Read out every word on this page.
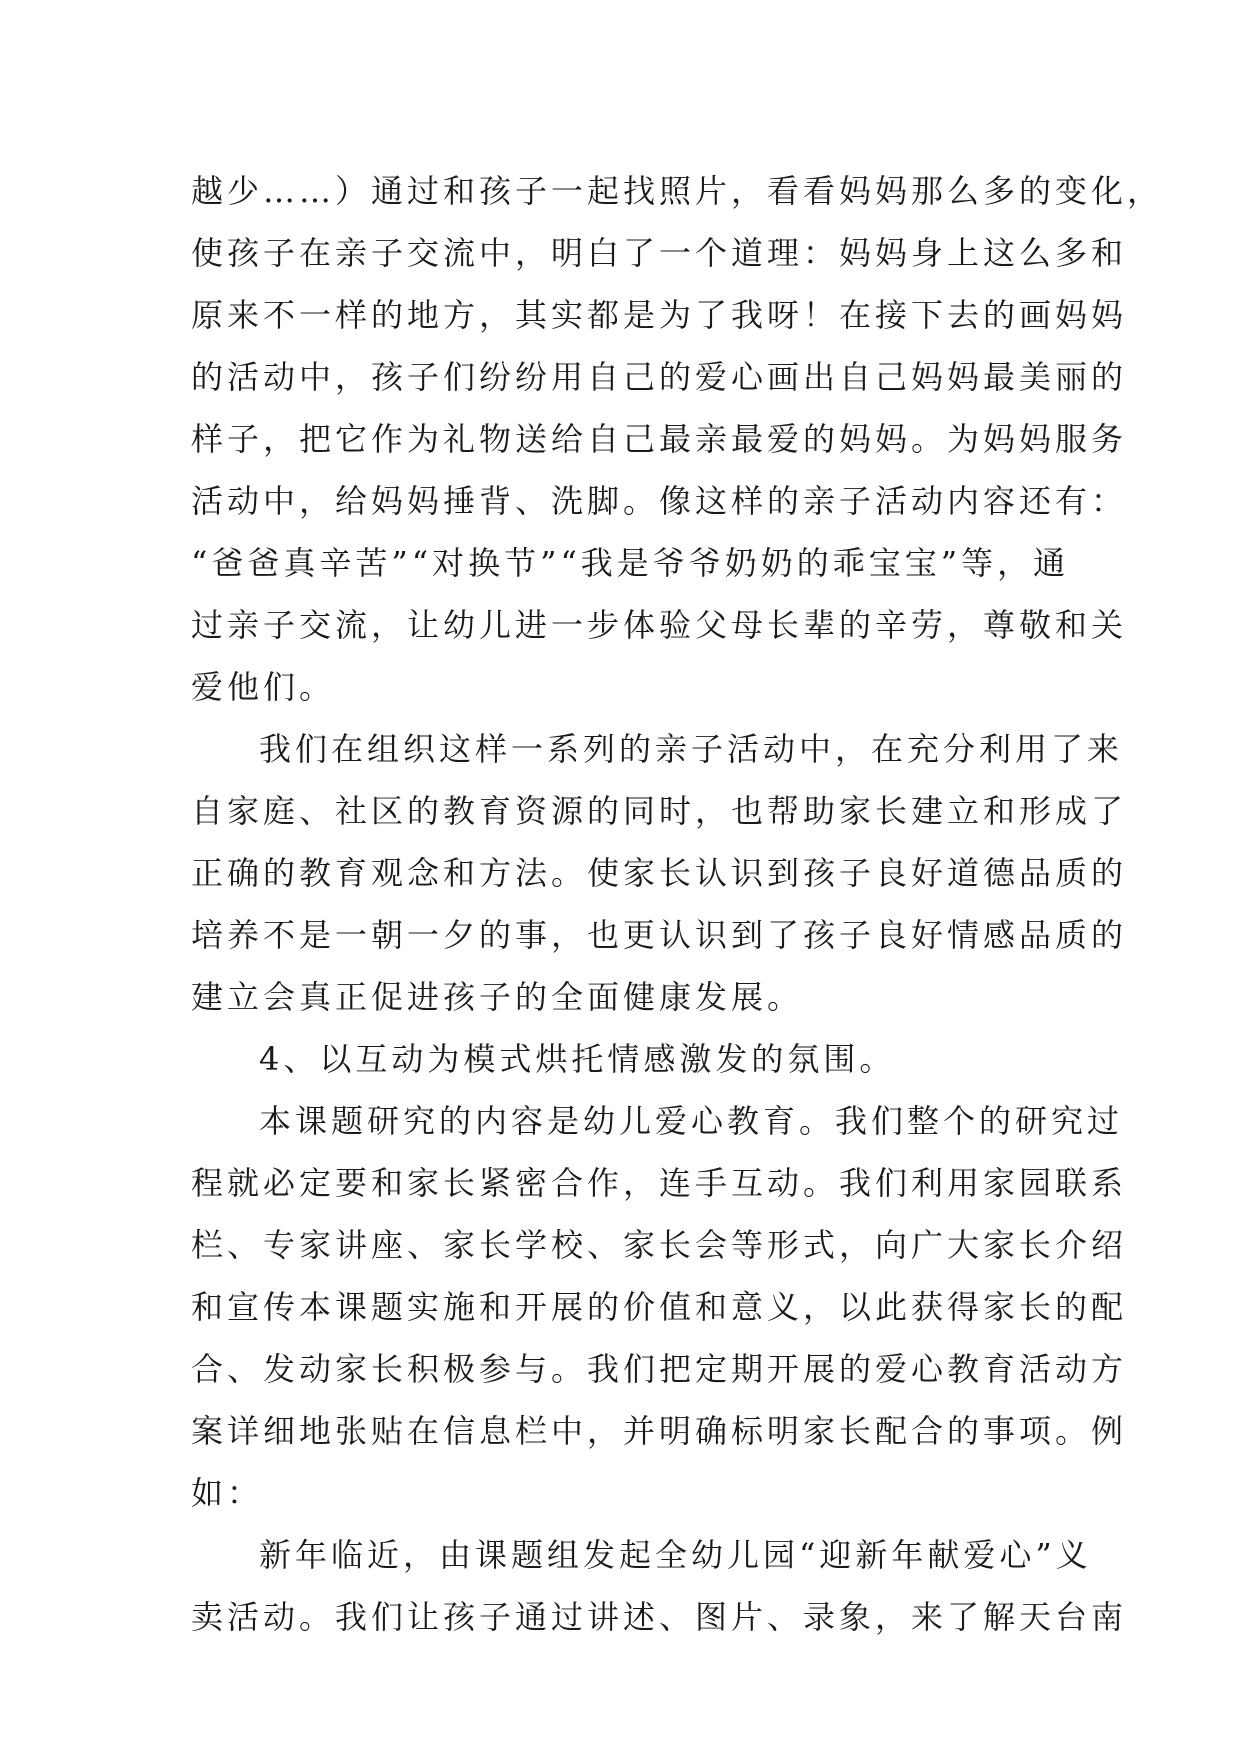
越少……）通过和孩子一起找照片，看看妈妈那么多的变化，
使孩子在亲子交流中，明白了一个道理：妈妈身上这么多和
原来不一样的地方，其实都是为了我呀！在接下去的画妈妈
的活动中，孩子们纷纷用自己的爱心画出自己妈妈最美丽的
样子，把它作为礼物送给自己最亲最爱的妈妈。为妈妈服务
活动中，给妈妈捶背、洗脚。像这样的亲子活动内容还有：
“爸爸真辛苦”“对换节”“我是爷爷奶奶的乖宝宝”等，通
过亲子交流，让幼儿进一步体验父母长辈的辛劳，尊敬和关
爱他们。
我们在组织这样一系列的亲子活动中，在充分利用了来
自家庭、社区的教育资源的同时，也帮助家长建立和形成了
正确的教育观念和方法。使家长认识到孩子良好道德品质的
培养不是一朝一夕的事，也更认识到了孩子良好情感品质的
建立会真正促进孩子的全面健康发展。
4、以互动为模式烘托情感激发的氛围。
本课题研究的内容是幼儿爱心教育。我们整个的研究过
程就必定要和家长紧密合作，连手互动。我们利用家园联系
栏、专家讲座、家长学校、家长会等形式，向广大家长介绍
和宣传本课题实施和开展的价值和意义，以此获得家长的配
合、发动家长积极参与。我们把定期开展的爱心教育活动方
案详细地张贴在信息栏中，并明确标明家长配合的事项。例
如：
新年临近，由课题组发起全幼儿园“迎新年献爱心”义
卖活动。我们让孩子通过讲述、图片、录象，来了解天台南
